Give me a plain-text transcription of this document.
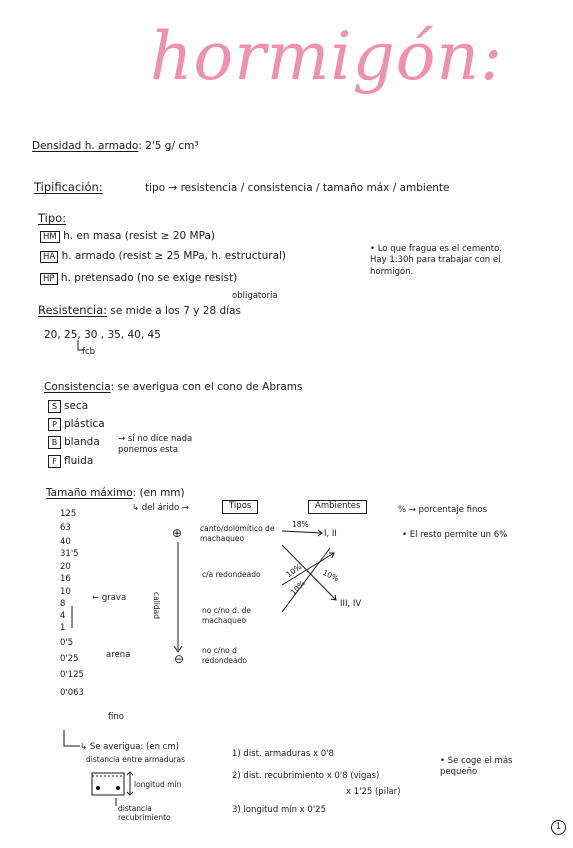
hormigón:
Densidad h. armado: 2'5 g/ cm³
Tipificación:	tipo → resistencia / consistencia / tamaño máx / ambiente
Tipo:
HM h. en masa (resist ≥ 20 MPa)
HA h. armado (resist ≥ 25 MPa, h. estructural)
HP h. pretensado (no se exige resist)
• Lo que fragua es el cemento. Hay 1:30h para trabajar con el hormigón.
Resistencia: se mide a los 7 y 28 días
obligatoria
20, 25, 30 , 35, 40, 45
fcb
Consistencia: se averigua con el cono de Abrams
S seca
P plástica
B blanda
F fluida
→ si no dice nada ponemos esta
Tamaño máximo: (en mm)
↳ del árido →	Tipos	Ambientes
125
63
40
31'5
20
16
10
8
4
1
0'5
0'25
0'125
0'063
← grava
arena
fino
⊕
⊖
calidad
canto/dolomítico de machaqueo
c/a redondeado
no c/no d. de machaqueo
no c/no d redondeado
I, II
III, IV
18%
10% 10%
10%
% → porcentaje finos
• El resto permite un 6%
↳ Se averigua: (en cm)
distancia entre armaduras
longitud mín
distancia recubrimiento
1) dist. armaduras x 0'8
2) dist. recubrimiento x 0'8 (vigas)
x 1'25 (pilar)
3) longitud mín x 0'25
• Se coge el más pequeño
1
